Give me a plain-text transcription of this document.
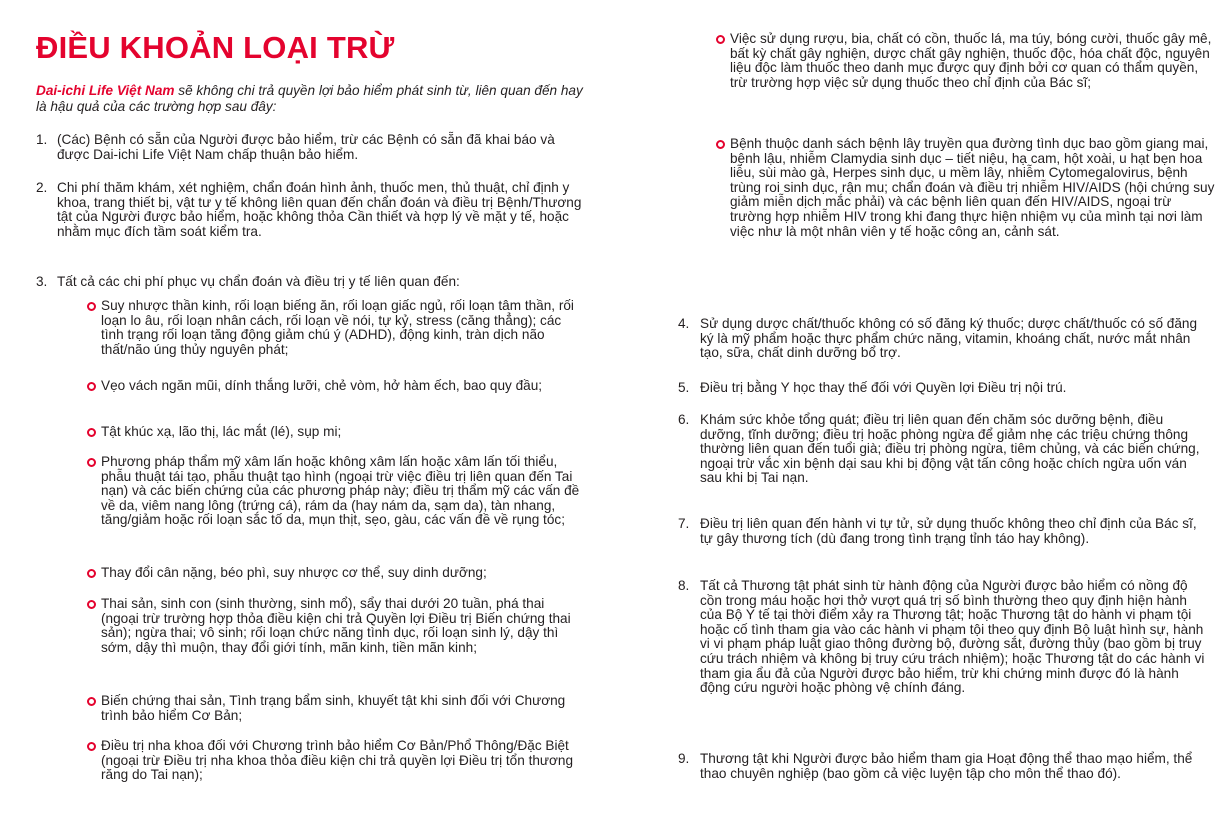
ĐIỀU KHOẢN LOẠI TRỪ

Dai-ichi Life Việt Nam sẽ không chi trả quyền lợi bảo hiểm phát sinh từ, liên quan đến hay là hậu quả của các trường hợp sau đây:

1. (Các) Bệnh có sẵn của Người được bảo hiểm, trừ các Bệnh có sẵn đã khai báo và được Dai-ichi Life Việt Nam chấp thuận bảo hiểm.
2. Chi phí thăm khám, xét nghiệm, chẩn đoán hình ảnh, thuốc men, thủ thuật, chỉ định y khoa, trang thiết bị, vật tư y tế không liên quan đến chẩn đoán và điều trị Bệnh/Thương tật của Người được bảo hiểm, hoặc không thỏa Cần thiết và hợp lý về mặt y tế, hoặc nhằm mục đích tầm soát kiểm tra.
3. Tất cả các chi phí phục vụ chẩn đoán và điều trị y tế liên quan đến:
Suy nhược thần kinh, rối loạn biếng ăn, rối loạn giấc ngủ, rối loạn tâm thần, rối loạn lo âu, rối loạn nhân cách, rối loạn về nói, tự kỷ, stress (căng thẳng); các tình trạng rối loạn tăng động giảm chú ý (ADHD), động kinh, tràn dịch não thất/não úng thủy nguyên phát;
Vẹo vách ngăn mũi, dính thắng lưỡi, chẻ vòm, hở hàm ếch, bao quy đầu;
Tật khúc xạ, lão thị, lác mắt (lé), sụp mi;
Phương pháp thẩm mỹ xâm lấn hoặc không xâm lấn hoặc xâm lấn tối thiểu, phẫu thuật tái tạo, phẫu thuật tạo hình (ngoại trừ việc điều trị liên quan đến Tai nạn) và các biến chứng của các phương pháp này; điều trị thẩm mỹ các vấn đề về da, viêm nang lông (trứng cá), rám da (hay nám da, sạm da), tàn nhang, tăng/giảm hoặc rối loạn sắc tố da, mụn thịt, sẹo, gàu, các vấn đề về rụng tóc;
Thay đổi cân nặng, béo phì, suy nhược cơ thể, suy dinh dưỡng;
Thai sản, sinh con (sinh thường, sinh mổ), sẩy thai dưới 20 tuần, phá thai (ngoại trừ trường hợp thỏa điều kiện chi trả Quyền lợi Điều trị Biến chứng thai sản); ngừa thai; vô sinh; rối loạn chức năng tình dục, rối loạn sinh lý, dậy thì sớm, dậy thì muộn, thay đổi giới tính, mãn kinh, tiền mãn kinh;
Biến chứng thai sản, Tình trạng bẩm sinh, khuyết tật khi sinh đối với Chương trình bảo hiểm Cơ Bản;
Điều trị nha khoa đối với Chương trình bảo hiểm Cơ Bản/Phổ Thông/Đặc Biệt (ngoại trừ Điều trị nha khoa thỏa điều kiện chi trả quyền lợi Điều trị tổn thương răng do Tai nạn);
Việc sử dụng rượu, bia, chất có cồn, thuốc lá, ma túy, bóng cười, thuốc gây mê, bất kỳ chất gây nghiện, dược chất gây nghiện, thuốc độc, hóa chất độc, nguyên liệu độc làm thuốc theo danh mục được quy định bởi cơ quan có thẩm quyền, trừ trường hợp việc sử dụng thuốc theo chỉ định của Bác sĩ;
Bệnh thuộc danh sách bệnh lây truyền qua đường tình dục bao gồm giang mai, bệnh lậu, nhiễm Clamydia sinh dục – tiết niệu, hạ cam, hột xoài, u hạt bẹn hoa liễu, sùi mào gà, Herpes sinh dục, u mềm lây, nhiễm Cytomegalovirus, bệnh trùng roi sinh dục, rận mu; chẩn đoán và điều trị nhiễm HIV/AIDS (hội chứng suy giảm miễn dịch mắc phải) và các bệnh liên quan đến HIV/AIDS, ngoại trừ trường hợp nhiễm HIV trong khi đang thực hiện nhiệm vụ của mình tại nơi làm việc như là một nhân viên y tế hoặc công an, cảnh sát.
4. Sử dụng dược chất/thuốc không có số đăng ký thuốc; dược chất/thuốc có số đăng ký là mỹ phẩm hoặc thực phẩm chức năng, vitamin, khoáng chất, nước mắt nhân tạo, sữa, chất dinh dưỡng bổ trợ.
5. Điều trị bằng Y học thay thế đối với Quyền lợi Điều trị nội trú.
6. Khám sức khỏe tổng quát; điều trị liên quan đến chăm sóc dưỡng bệnh, điều dưỡng, tĩnh dưỡng; điều trị hoặc phòng ngừa để giảm nhẹ các triệu chứng thông thường liên quan đến tuổi già; điều trị phòng ngừa, tiêm chủng, và các biến chứng, ngoại trừ vắc xin bệnh dại sau khi bị động vật tấn công hoặc chích ngừa uốn ván sau khi bị Tai nạn.
7. Điều trị liên quan đến hành vi tự tử, sử dụng thuốc không theo chỉ định của Bác sĩ, tự gây thương tích (dù đang trong tình trạng tỉnh táo hay không).
8. Tất cả Thương tật phát sinh từ hành động của Người được bảo hiểm có nồng độ cồn trong máu hoặc hơi thở vượt quá trị số bình thường theo quy định hiện hành của Bộ Y tế tại thời điểm xảy ra Thương tật; hoặc Thương tật do hành vi phạm tội hoặc cố tình tham gia vào các hành vi phạm tội theo quy định Bộ luật hình sự, hành vi vi phạm pháp luật giao thông đường bộ, đường sắt, đường thủy (bao gồm bị truy cứu trách nhiệm và không bị truy cứu trách nhiệm); hoặc Thương tật do các hành vi tham gia ẩu đả của Người được bảo hiểm, trừ khi chứng minh được đó là hành động cứu người hoặc phòng vệ chính đáng.
9. Thương tật khi Người được bảo hiểm tham gia Hoạt động thể thao mạo hiểm, thể thao chuyên nghiệp (bao gồm cả việc luyện tập cho môn thể thao đó).
